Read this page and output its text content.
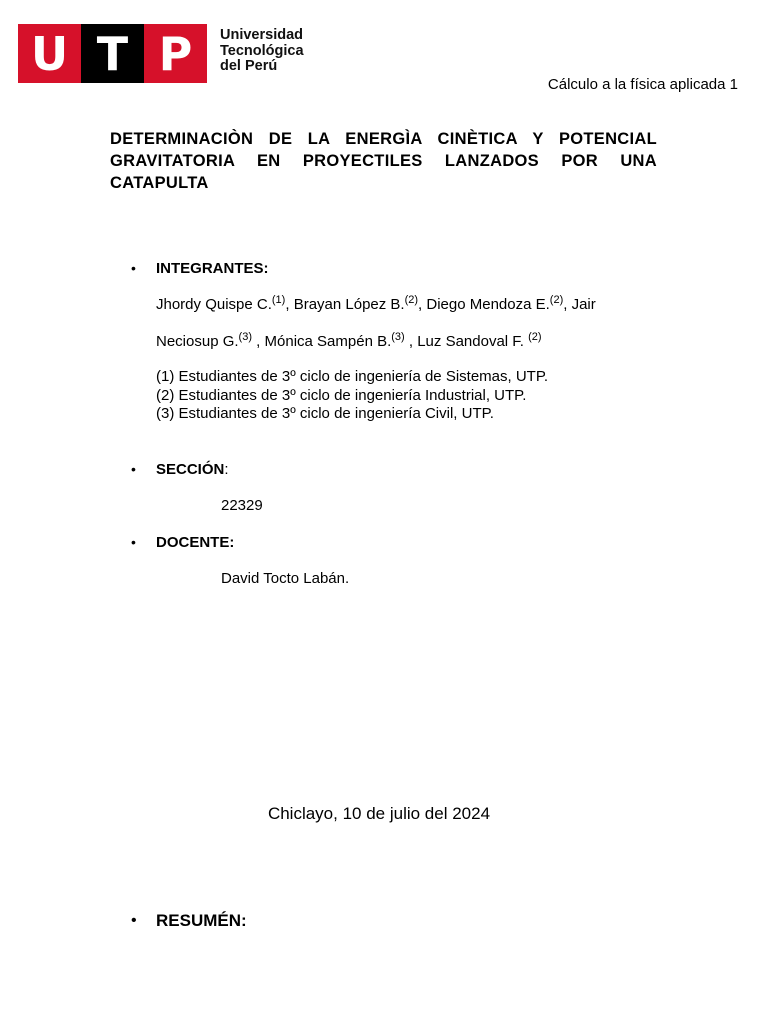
U T P	Universidad
Tecnológica
del Perú
Cálculo a la física aplicada 1
DETERMINACIÒN DE LA ENERGÌA CINÈTICA Y POTENCIAL GRAVITATORIA EN PROYECTILES LANZADOS POR UNA CATAPULTA
• INTEGRANTES:
Jhordy Quispe C.$^{(1)}$, Brayan López B.$^{(2)}$, Diego Mendoza E.$^{(2)}$, Jair
Neciosup G.$^{(3)}$ , Mónica Sampén B.$^{(3)}$ , Luz Sandoval F. $^{(2)}$
(1) Estudiantes de 3º ciclo de ingeniería de Sistemas, UTP.
(2) Estudiantes de 3º ciclo de ingeniería Industrial, UTP.
(3) Estudiantes de 3º ciclo de ingeniería Civil, UTP.
• SECCIÓN:
22329
• DOCENTE:
David Tocto Labán.
Chiclayo, 10 de julio del 2024
• RESUMÉN:
